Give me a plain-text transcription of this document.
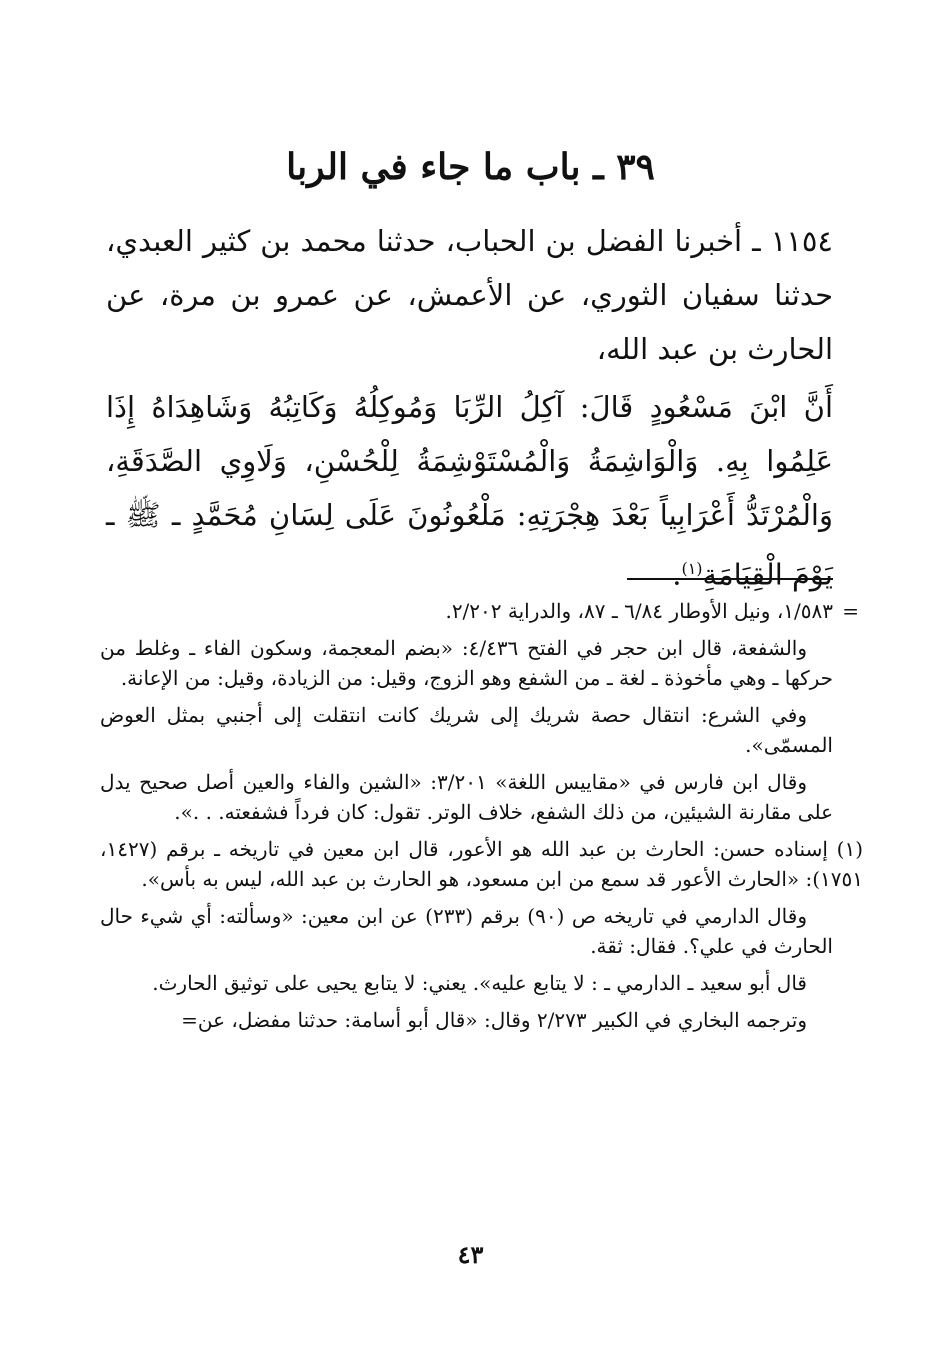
٣٩ ـ باب ما جاء في الربا

١١٥٤ ـ أخبرنا الفضل بن الحباب، حدثنا محمد بن كثير العبدي، حدثنا سفيان الثوري، عن الأعمش، عن عمرو بن مرة، عن الحارث بن عبد الله،

أَنَّ ابْنَ مَسْعُودٍ قَالَ: آكِلُ الرِّبَا وَمُوكِلُهُ وَكَاتِبُهُ وَشَاهِدَاهُ إِذَا عَلِمُوا بِهِ. وَالْوَاشِمَةُ وَالْمُسْتَوْشِمَةُ لِلْحُسْنِ، وَلَاوِي الصَّدَقَةِ، وَالْمُرْتَدُّ أَعْرَابِياً بَعْدَ هِجْرَتِهِ: مَلْعُونُونَ عَلَى لِسَانِ مُحَمَّدٍ ـ ﷺ ـ يَوْمَ الْقِيَامَةِ$^{(١)}$.

=
١/٥٨٣، ونيل الأوطار ٦/٨٤ ـ ٨٧، والدراية ٢/٢٠٢.

والشفعة، قال ابن حجر في الفتح ٤/٤٣٦: «بضم المعجمة، وسكون الفاء ـ وغلط من حركها ـ وهي مأخوذة ـ لغة ـ من الشفع وهو الزوج، وقيل: من الزيادة، وقيل: من الإعانة.

وفي الشرع: انتقال حصة شريك إلى شريك كانت انتقلت إلى أجنبي بمثل العوض المسمّى».

وقال ابن فارس في «مقاييس اللغة» ٣/٢٠١: «الشين والفاء والعين أصل صحيح يدل على مقارنة الشيئين، من ذلك الشفع، خلاف الوتر. تقول: كان فرداً فشفعته. . .».

(١) إسناده حسن: الحارث بن عبد الله هو الأعور، قال ابن معين في تاريخه ـ برقم (١٤٢٧، ١٧٥١): «الحارث الأعور قد سمع من ابن مسعود، هو الحارث بن عبد الله، ليس به بأس».

وقال الدارمي في تاريخه ص (٩٠) برقم (٢٣٣) عن ابن معين: «وسألته: أي شيء حال الحارث في علي؟. فقال: ثقة.

قال أبو سعيد ـ الدارمي ـ : لا يتابع عليه». يعني: لا يتابع يحيى على توثيق الحارث.

وترجمه البخاري في الكبير ٢/٢٧٣ وقال: «قال أبو أسامة: حدثنا مفضل، عن=

٤٣
